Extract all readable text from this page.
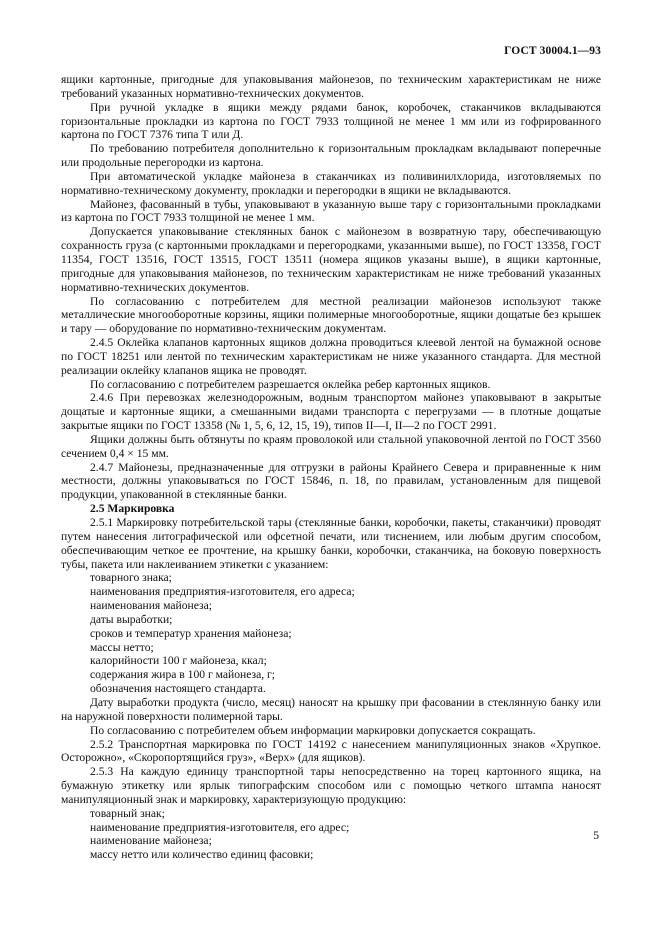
ГОСТ 30004.1—93

ящики картонные, пригодные для упаковывания майонезов, по техническим характеристикам не ниже требований указанных нормативно-технических документов.

При ручной укладке в ящики между рядами банок, коробочек, стаканчиков вкладываются горизонтальные прокладки из картона по ГОСТ 7933 толщиной не менее 1 мм или из гофрированного картона по ГОСТ 7376 типа Т или Д.

По требованию потребителя дополнительно к горизонтальным прокладкам вкладывают поперечные или продольные перегородки из картона.

При автоматической укладке майонеза в стаканчиках из поливинилхлорида, изготовляемых по нормативно-техническому документу, прокладки и перегородки в ящики не вкладываются.

Майонез, фасованный в тубы, упаковывают в указанную выше тару с горизонтальными прокладками из картона по ГОСТ 7933 толщиной не менее 1 мм.

Допускается упаковывание стеклянных банок с майонезом в возвратную тару, обеспечивающую сохранность груза (с картонными прокладками и перегородками, указанными выше), по ГОСТ 13358, ГОСТ 11354, ГОСТ 13516, ГОСТ 13515, ГОСТ 13511 (номера ящиков указаны выше), в ящики картонные, пригодные для упаковывания майонезов, по техническим характеристикам не ниже требований указанных нормативно-технических документов.

По согласованию с потребителем для местной реализации майонезов используют также металлические многооборотные корзины, ящики полимерные многооборотные, ящики дощатые без крышек и тару — оборудование по нормативно-техническим документам.

2.4.5 Оклейка клапанов картонных ящиков должна проводиться клеевой лентой на бумажной основе по ГОСТ 18251 или лентой по техническим характеристикам не ниже указанного стандарта. Для местной реализации оклейку клапанов ящика не проводят.

По согласованию с потребителем разрешается оклейка ребер картонных ящиков.

2.4.6 При перевозках железнодорожным, водным транспортом майонез упаковывают в закрытые дощатые и картонные ящики, а смешанными видами транспорта с перегрузами — в плотные дощатые закрытые ящики по ГОСТ 13358 (№ 1, 5, 6, 12, 15, 19), типов II—I, II—2 по ГОСТ 2991.

Ящики должны быть обтянуты по краям проволокой или стальной упаковочной лентой по ГОСТ 3560 сечением 0,4 × 15 мм.

2.4.7 Майонезы, предназначенные для отгрузки в районы Крайнего Севера и приравненные к ним местности, должны упаковываться по ГОСТ 15846, п. 18, по правилам, установленным для пищевой продукции, упакованной в стеклянные банки.

2.5 Маркировка

2.5.1 Маркировку потребительской тары (стеклянные банки, коробочки, пакеты, стаканчики) проводят путем нанесения литографической или офсетной печати, или тиснением, или любым другим способом, обеспечивающим четкое ее прочтение, на крышку банки, коробочки, стаканчика, на боковую поверхность тубы, пакета или наклеиванием этикетки с указанием:

товарного знака;

наименования предприятия-изготовителя, его адреса;

наименования майонеза;

даты выработки;

сроков и температур хранения майонеза;

массы нетто;

калорийности 100 г майонеза, ккал;

содержания жира в 100 г майонеза, г;

обозначения настоящего стандарта.

Дату выработки продукта (число, месяц) наносят на крышку при фасовании в стеклянную банку или на наружной поверхности полимерной тары.

По согласованию с потребителем объем информации маркировки допускается сокращать.

2.5.2 Транспортная маркировка по ГОСТ 14192 с нанесением манипуляционных знаков «Хрупкое. Осторожно», «Скоропортящийся груз», «Верх» (для ящиков).

2.5.3 На каждую единицу транспортной тары непосредственно на торец картонного ящика, на бумажную этикетку или ярлык типографским способом или с помощью четкого штампа наносят манипуляционный знак и маркировку, характеризующую продукцию:

товарный знак;

наименование предприятия-изготовителя, его адрес;

наименование майонеза;

массу нетто или количество единиц фасовки;

5
